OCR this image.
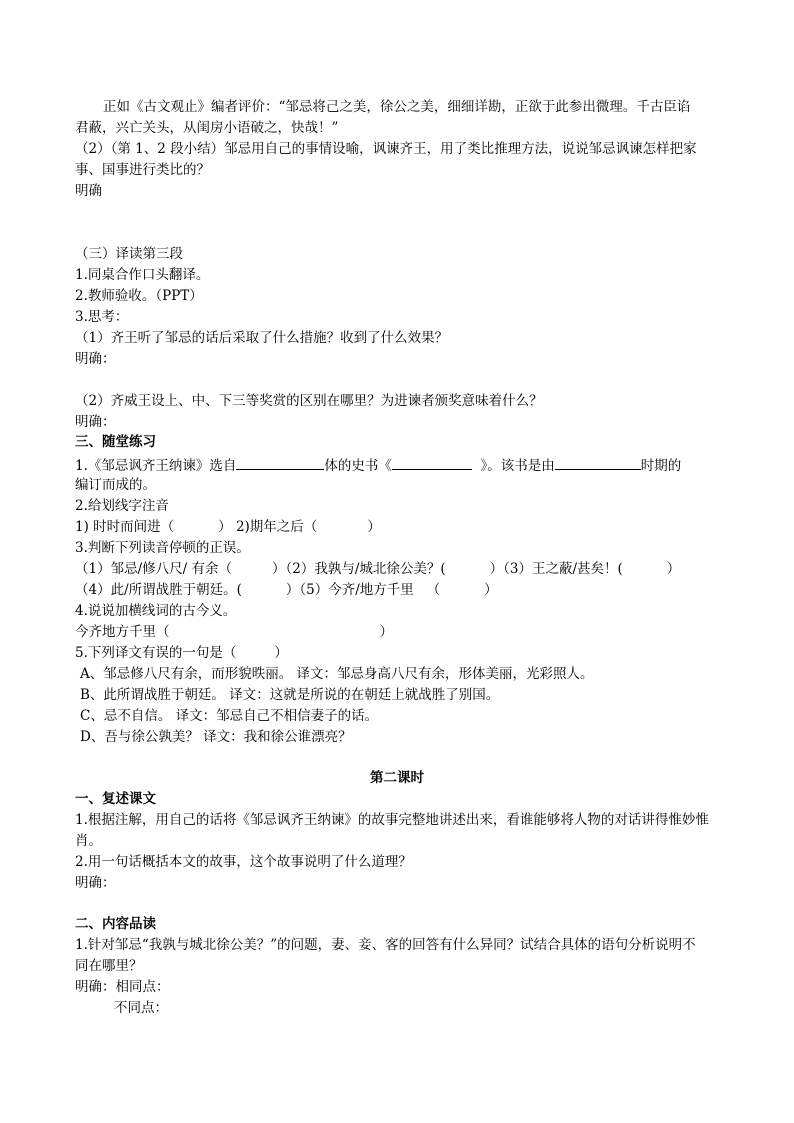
正如《古文观止》编者评价：“邹忌将己之美，徐公之美，细细详勘，正欲于此参出微理。千古臣谄
君蔽，兴亡关头，从闺房小语破之，快哉！”
（2）（第 1、2 段小结）邹忌用自己的事情设喻，讽谏齐王，用了类比推理方法，说说邹忌讽谏怎样把家
事、国事进行类比的？
明确
（三）译读第三段
1.同桌合作口头翻译。
2.教师验收。（PPT）
3.思考：
（1）齐王听了邹忌的话后采取了什么措施？收到了什么效果？
明确：
（2）齐威王设上、中、下三等奖赏的区别在哪里？为进谏者颁奖意味着什么？
明确：
三、随堂练习
1.《邹忌讽齐王纳谏》选自	体的史书《	》。该书是由	时期的
编订而成的。
2.给划线字注音
1) 时时而间进（	） 2)期年之后（	）
3.判断下列读音停顿的正误。
（1）邹忌/修八尺/ 有余（	）（2）我孰与/城北徐公美？(	）（3）王之蔽/甚矣！(	）
（4）此/所谓战胜于朝廷。(	）（5）今齐/地方千里 （	）
4.说说加横线词的古今义。
今齐地方千里（	）
5.下列译文有误的一句是（	）
A、邹忌修八尺有余，而形貌昳丽。 译文：邹忌身高八尺有余，形体美丽，光彩照人。
B、此所谓战胜于朝廷。 译文：这就是所说的在朝廷上就战胜了别国。
C、忌不自信。 译文：邹忌自己不相信妻子的话。
D、吾与徐公孰美？ 译文：我和徐公谁漂亮？
第二课时
一、复述课文
1.根据注解，用自己的话将《邹忌讽齐王纳谏》的故事完整地讲述出来，看谁能够将人物的对话讲得惟妙惟
肖。
2.用一句话概括本文的故事，这个故事说明了什么道理？
明确：
二、内容品读
1.针对邹忌“我孰与城北徐公美？”的问题，妻、妾、客的回答有什么异同？试结合具体的语句分析说明不
同在哪里？
明确：相同点：
不同点：
